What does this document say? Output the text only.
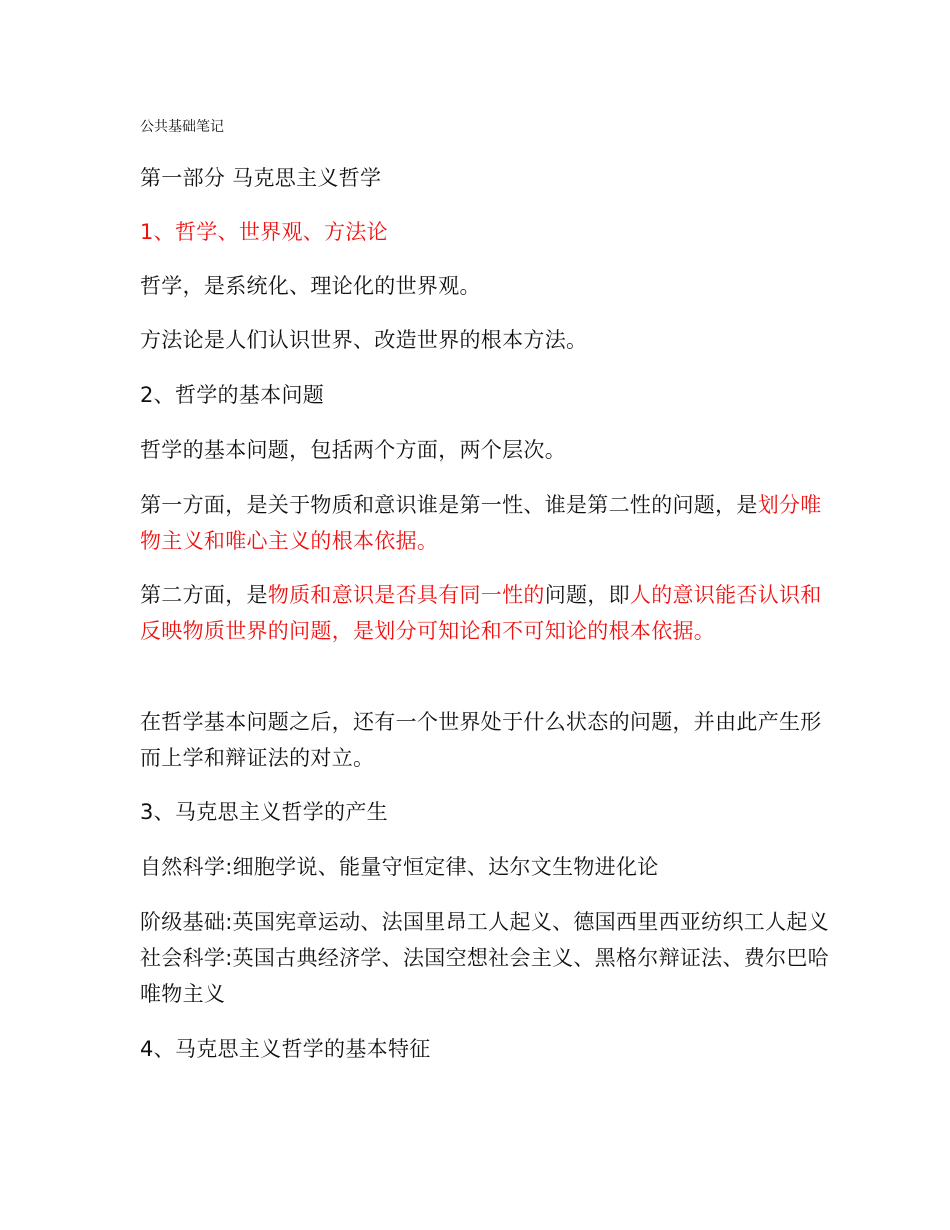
公共基础笔记

第一部分 马克思主义哲学

1、哲学、世界观、方法论

哲学，是系统化、理论化的世界观。

方法论是人们认识世界、改造世界的根本方法。

2、哲学的基本问题

哲学的基本问题，包括两个方面，两个层次。

第一方面，是关于物质和意识谁是第一性、谁是第二性的问题，是划分唯物主义和唯心主义的根本依据。

第二方面，是物质和意识是否具有同一性的问题，即人的意识能否认识和反映物质世界的问题，是划分可知论和不可知论的根本依据。

在哲学基本问题之后，还有一个世界处于什么状态的问题，并由此产生形而上学和辩证法的对立。

3、马克思主义哲学的产生

自然科学:细胞学说、能量守恒定律、达尔文生物进化论

阶级基础:英国宪章运动、法国里昂工人起义、德国西里西亚纺织工人起义 社会科学:英国古典经济学、法国空想社会主义、黑格尔辩证法、费尔巴哈唯物主义

4、马克思主义哲学的基本特征
